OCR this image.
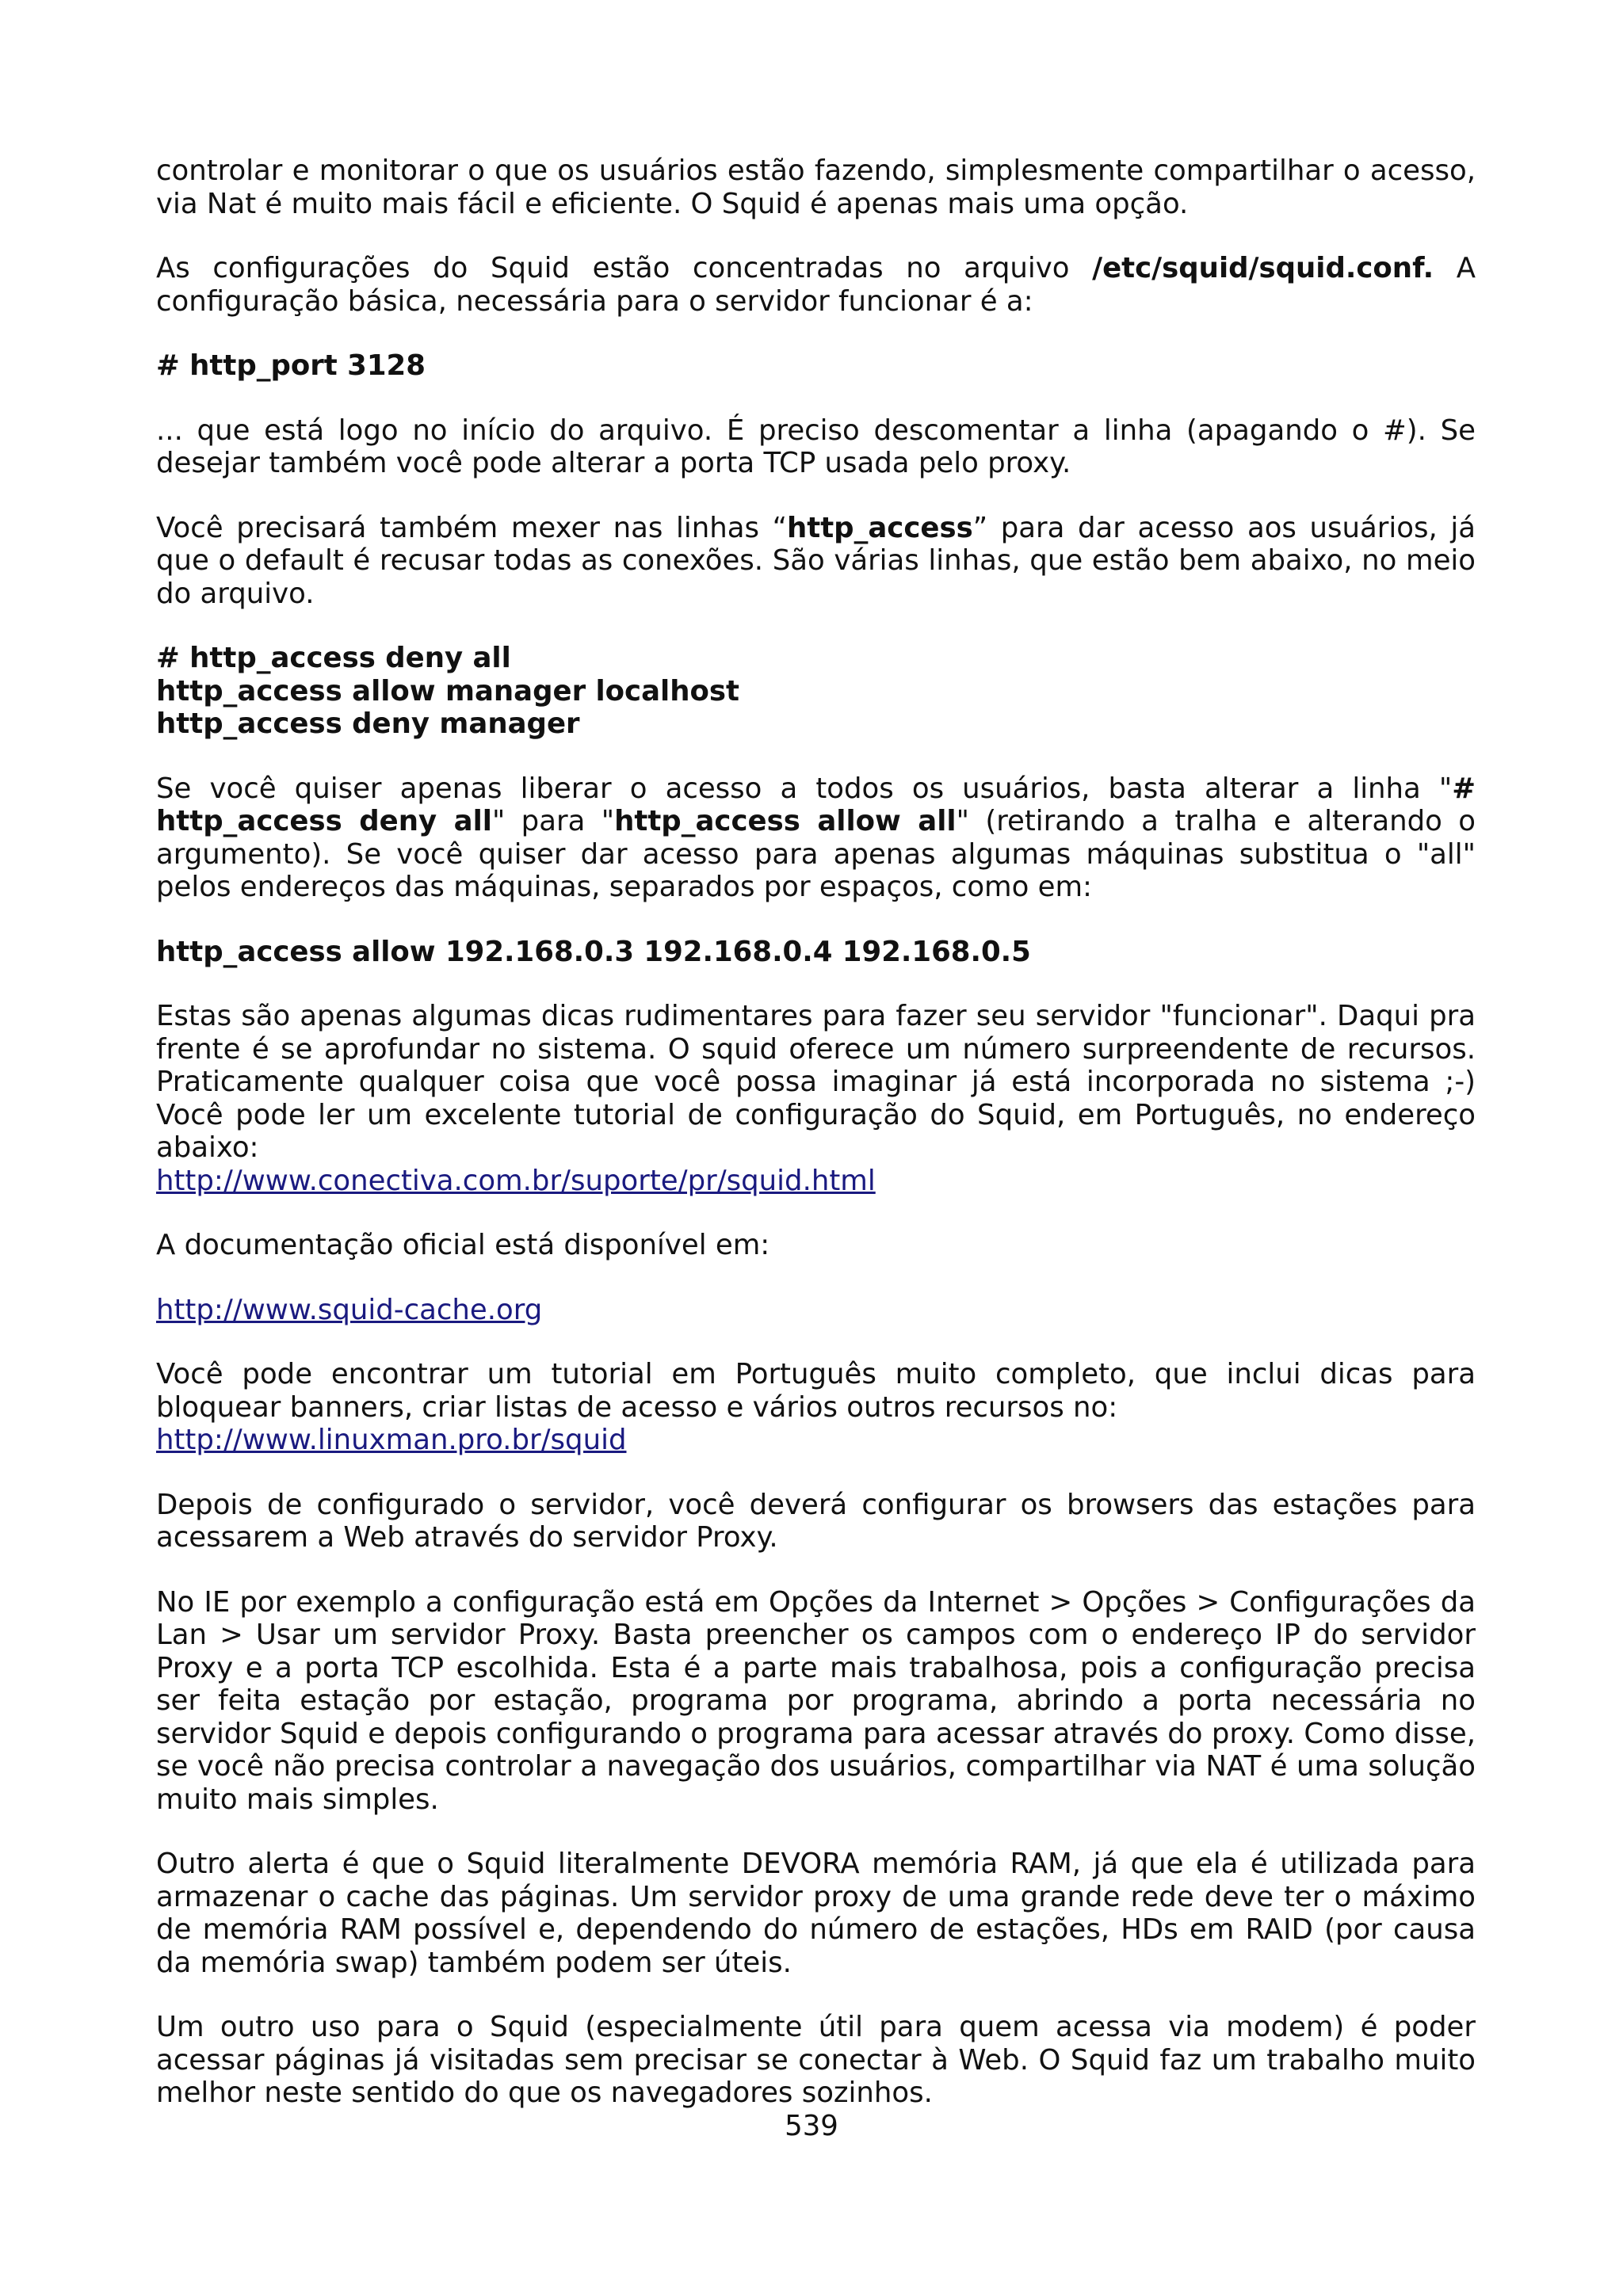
controlar e monitorar o que os usuários estão fazendo, simplesmente compartilhar o acesso, via Nat é muito mais fácil e eficiente. O Squid é apenas mais uma opção.

As configurações do Squid estão concentradas no arquivo /etc/squid/squid.conf. A configuração básica, necessária para o servidor funcionar é a:

# http_port 3128

... que está logo no início do arquivo. É preciso descomentar a linha (apagando o #). Se desejar também você pode alterar a porta TCP usada pelo proxy.

Você precisará também mexer nas linhas “http_access” para dar acesso aos usuários, já que o default é recusar todas as conexões. São várias linhas, que estão bem abaixo, no meio do arquivo.

# http_access deny all
http_access allow manager localhost
http_access deny manager

Se você quiser apenas liberar o acesso a todos os usuários, basta alterar a linha "# http_access deny all" para "http_access allow all" (retirando a tralha e alterando o argumento). Se você quiser dar acesso para apenas algumas máquinas substitua o "all" pelos endereços das máquinas, separados por espaços, como em:

http_access allow 192.168.0.3 192.168.0.4 192.168.0.5

Estas são apenas algumas dicas rudimentares para fazer seu servidor "funcionar". Daqui pra frente é se aprofundar no sistema. O squid oferece um número surpreendente de recursos. Praticamente qualquer coisa que você possa imaginar já está incorporada no sistema ;-) Você pode ler um excelente tutorial de configuração do Squid, em Português, no endereço abaixo:
http://www.conectiva.com.br/suporte/pr/squid.html

A documentação oficial está disponível em:

http://www.squid-cache.org

Você pode encontrar um tutorial em Português muito completo, que inclui dicas para bloquear banners, criar listas de acesso e vários outros recursos no:
http://www.linuxman.pro.br/squid

Depois de configurado o servidor, você deverá configurar os browsers das estações para acessarem a Web através do servidor Proxy.

No IE por exemplo a configuração está em Opções da Internet > Opções > Configurações da Lan > Usar um servidor Proxy. Basta preencher os campos com o endereço IP do servidor Proxy e a porta TCP escolhida. Esta é a parte mais trabalhosa, pois a configuração precisa ser feita estação por estação, programa por programa, abrindo a porta necessária no servidor Squid e depois configurando o programa para acessar através do proxy. Como disse, se você não precisa controlar a navegação dos usuários, compartilhar via NAT é uma solução muito mais simples.

Outro alerta é que o Squid literalmente DEVORA memória RAM, já que ela é utilizada para armazenar o cache das páginas. Um servidor proxy de uma grande rede deve ter o máximo de memória RAM possível e, dependendo do número de estações, HDs em RAID (por causa da memória swap) também podem ser úteis.

Um outro uso para o Squid (especialmente útil para quem acessa via modem) é poder acessar páginas já visitadas sem precisar se conectar à Web. O Squid faz um trabalho muito melhor neste sentido do que os navegadores sozinhos.

539
